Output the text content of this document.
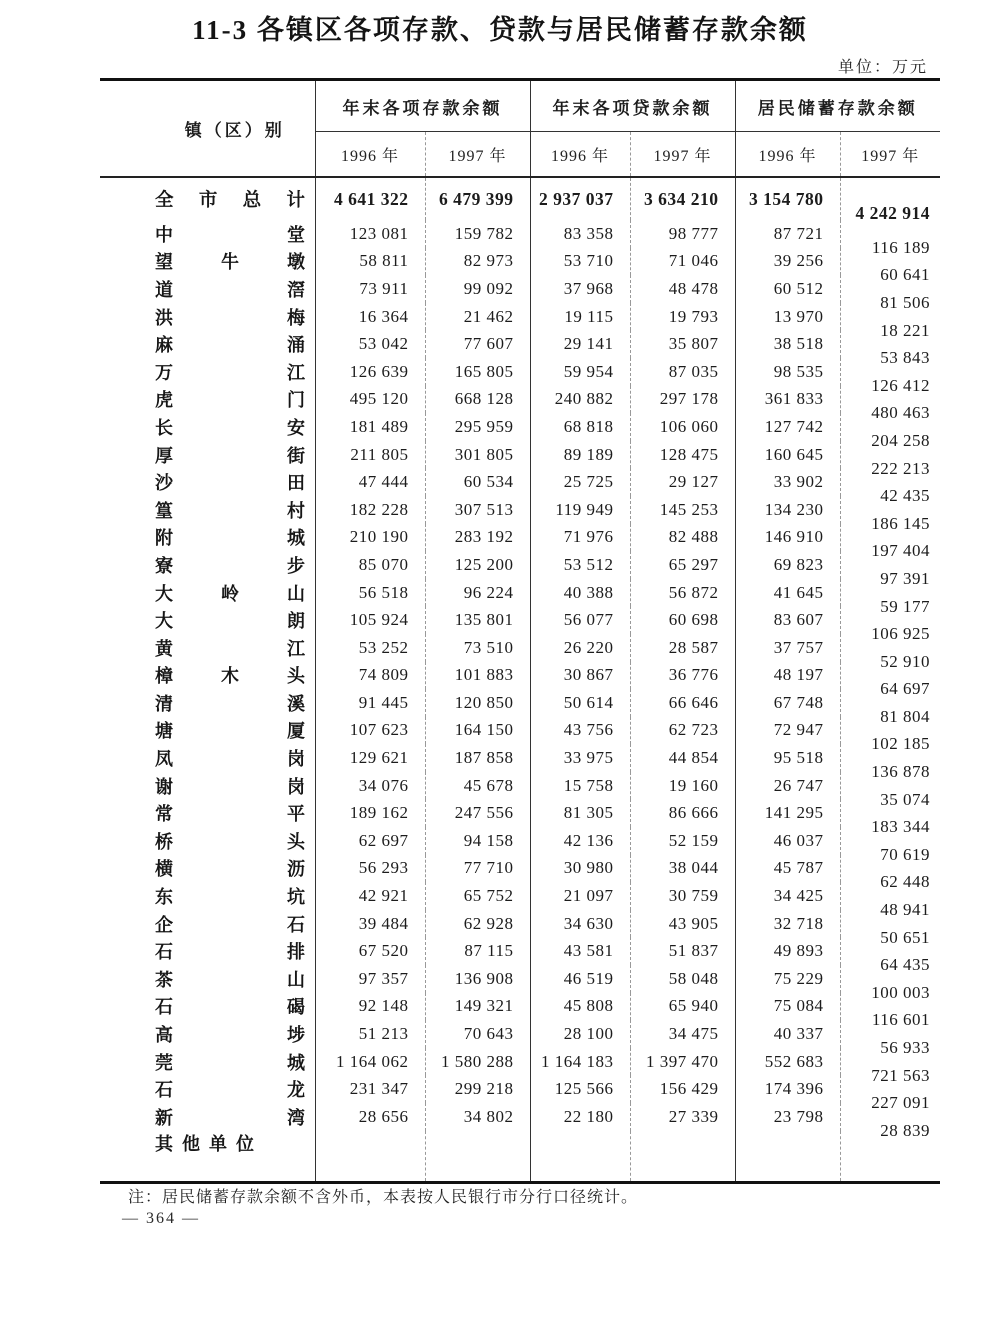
11-3 各镇区各项存款、贷款与居民储蓄存款余额
单位：万元
镇（区）别	年末各项存款余额		年末各项贷款余额		居民储蓄存款余额	
	1996 年	1997 年	1996 年	1997 年	1996 年	1997 年
全市总计	4 641 322	6 479 399	2 937 037	3 634 210	3 154 780	4 242 914
中堂	123 081	159 782	83 358	98 777	87 721	116 189
望牛墩	58 811	82 973	53 710	71 046	39 256	60 641
道滘	73 911	99 092	37 968	48 478	60 512	81 506
洪梅	16 364	21 462	19 115	19 793	13 970	18 221
麻涌	53 042	77 607	29 141	35 807	38 518	53 843
万江	126 639	165 805	59 954	87 035	98 535	126 412
虎门	495 120	668 128	240 882	297 178	361 833	480 463
长安	181 489	295 959	68 818	106 060	127 742	204 258
厚街	211 805	301 805	89 189	128 475	160 645	222 213
沙田	47 444	60 534	25 725	29 127	33 902	42 435
篁村	182 228	307 513	119 949	145 253	134 230	186 145
附城	210 190	283 192	71 976	82 488	146 910	197 404
寮步	85 070	125 200	53 512	65 297	69 823	97 391
大岭山	56 518	96 224	40 388	56 872	41 645	59 177
大朗	105 924	135 801	56 077	60 698	83 607	106 925
黄江	53 252	73 510	26 220	28 587	37 757	52 910
樟木头	74 809	101 883	30 867	36 776	48 197	64 697
清溪	91 445	120 850	50 614	66 646	67 748	81 804
塘厦	107 623	164 150	43 756	62 723	72 947	102 185
凤岗	129 621	187 858	33 975	44 854	95 518	136 878
谢岗	34 076	45 678	15 758	19 160	26 747	35 074
常平	189 162	247 556	81 305	86 666	141 295	183 344
桥头	62 697	94 158	42 136	52 159	46 037	70 619
横沥	56 293	77 710	30 980	38 044	45 787	62 448
东坑	42 921	65 752	21 097	30 759	34 425	48 941
企石	39 484	62 928	34 630	43 905	32 718	50 651
石排	67 520	87 115	43 581	51 837	49 893	64 435
茶山	97 357	136 908	46 519	58 048	75 229	100 003
石碣	92 148	149 321	45 808	65 940	75 084	116 601
高埗	51 213	70 643	28 100	34 475	40 337	56 933
莞城	1 164 062	1 580 288	1 164 183	1 397 470	552 683	721 563
石龙	231 347	299 218	125 566	156 429	174 396	227 091
新湾	28 656	34 802	22 180	27 339	23 798	28 839
其他单位						
注：居民储蓄存款余额不含外币，本表按人民银行市分行口径统计。
— 364 —
